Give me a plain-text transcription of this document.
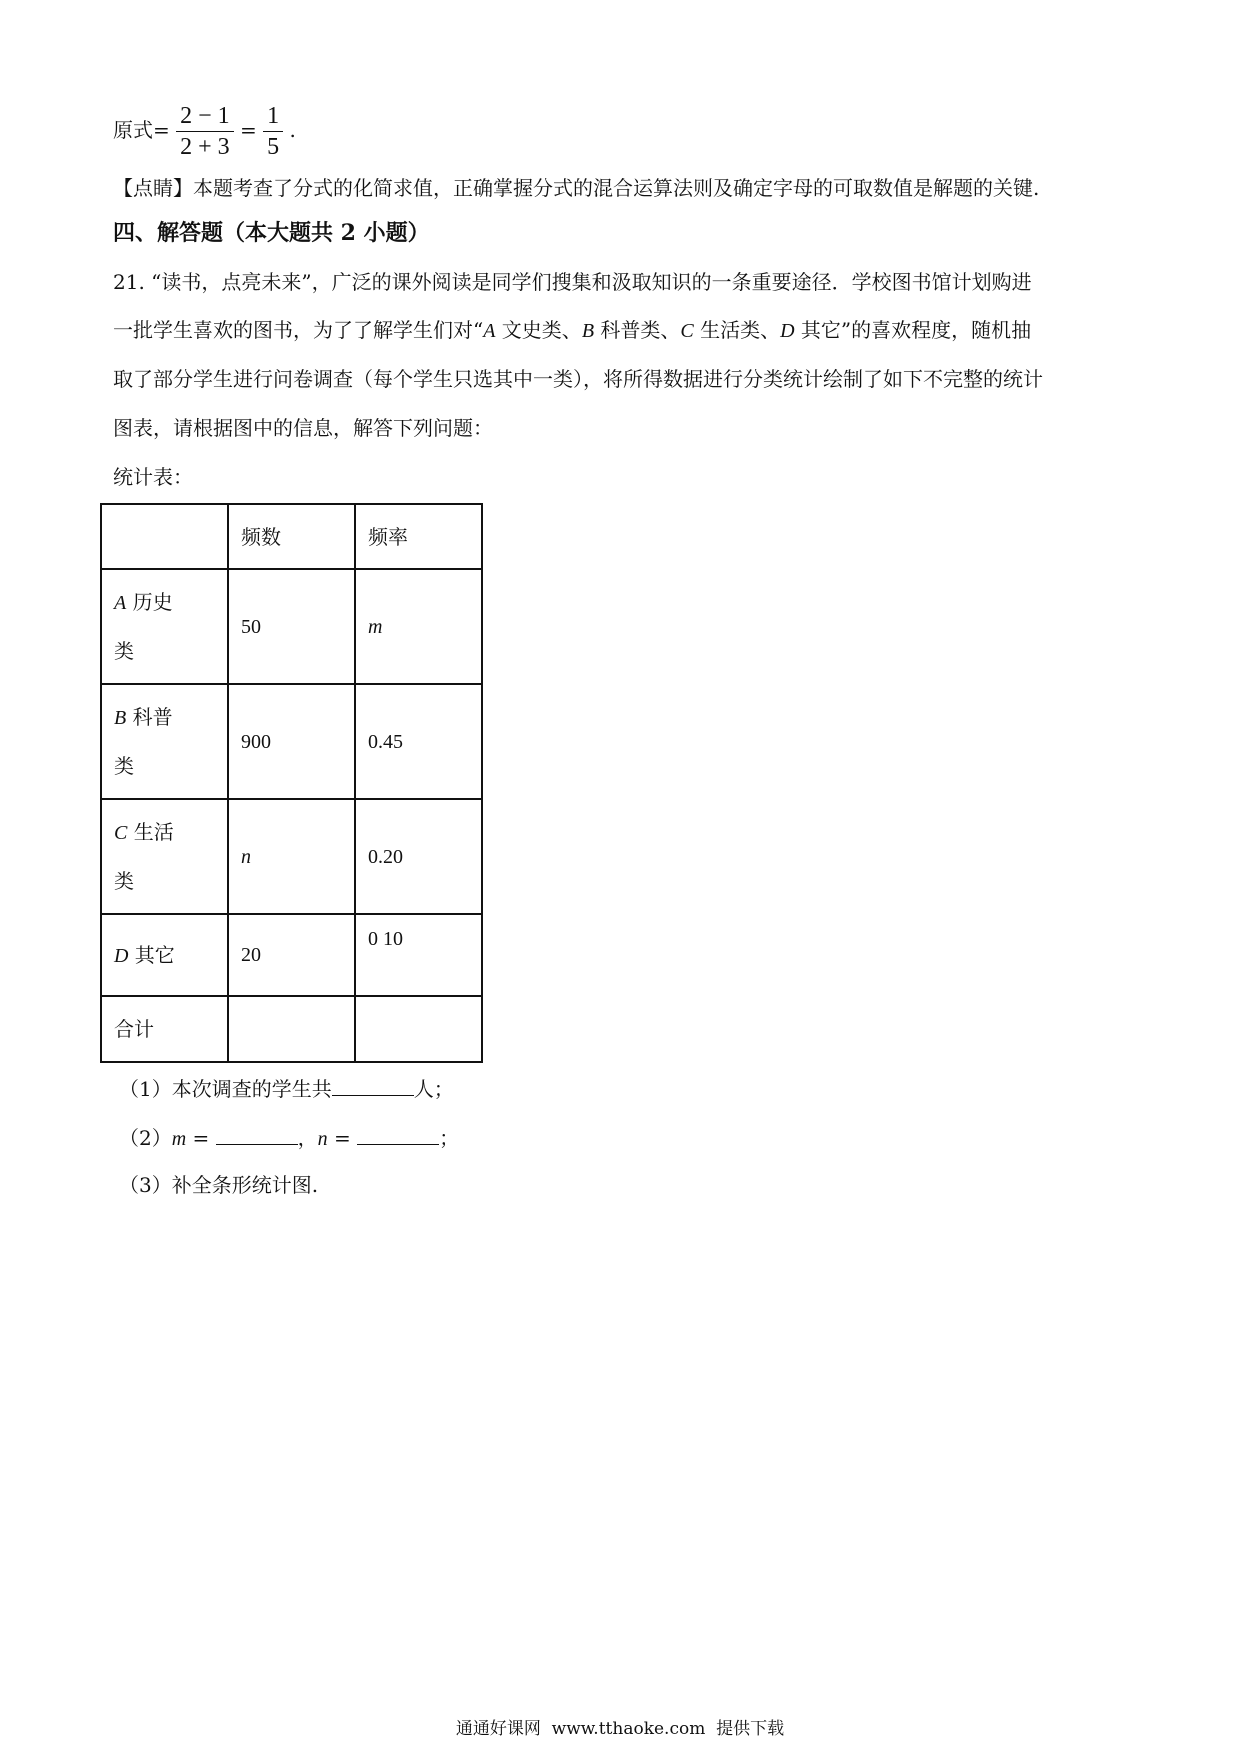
原式= $\frac{2 - 1}{2 + 3} = \frac{1}{5}$ .
【点睛】本题考查了分式的化简求值，正确掌握分式的混合运算法则及确定字母的可取数值是解题的关键.
四、解答题（本大题共 2 小题）
21. “读书，点亮未来”，广泛的课外阅读是同学们搜集和汲取知识的一条重要途径．学校图书馆计划购进
一批学生喜欢的图书，为了了解学生们对“A 文史类、B 科普类、C 生活类、D 其它”的喜欢程度，随机抽
取了部分学生进行问卷调查（每个学生只选其中一类），将所得数据进行分类统计绘制了如下不完整的统计
图表，请根据图中的信息，解答下列问题：
统计表：
	频数	频率
A 历史
类	50	m
B 科普
类	900	0.45
C 生活
类	n	0.20
D 其它	20	0 10
合计		
（1）本次调查的学生共	人；
（2）m =	，n =	；
（3）补全条形统计图.
通通好课网  www.tthaoke.com  提供下载
